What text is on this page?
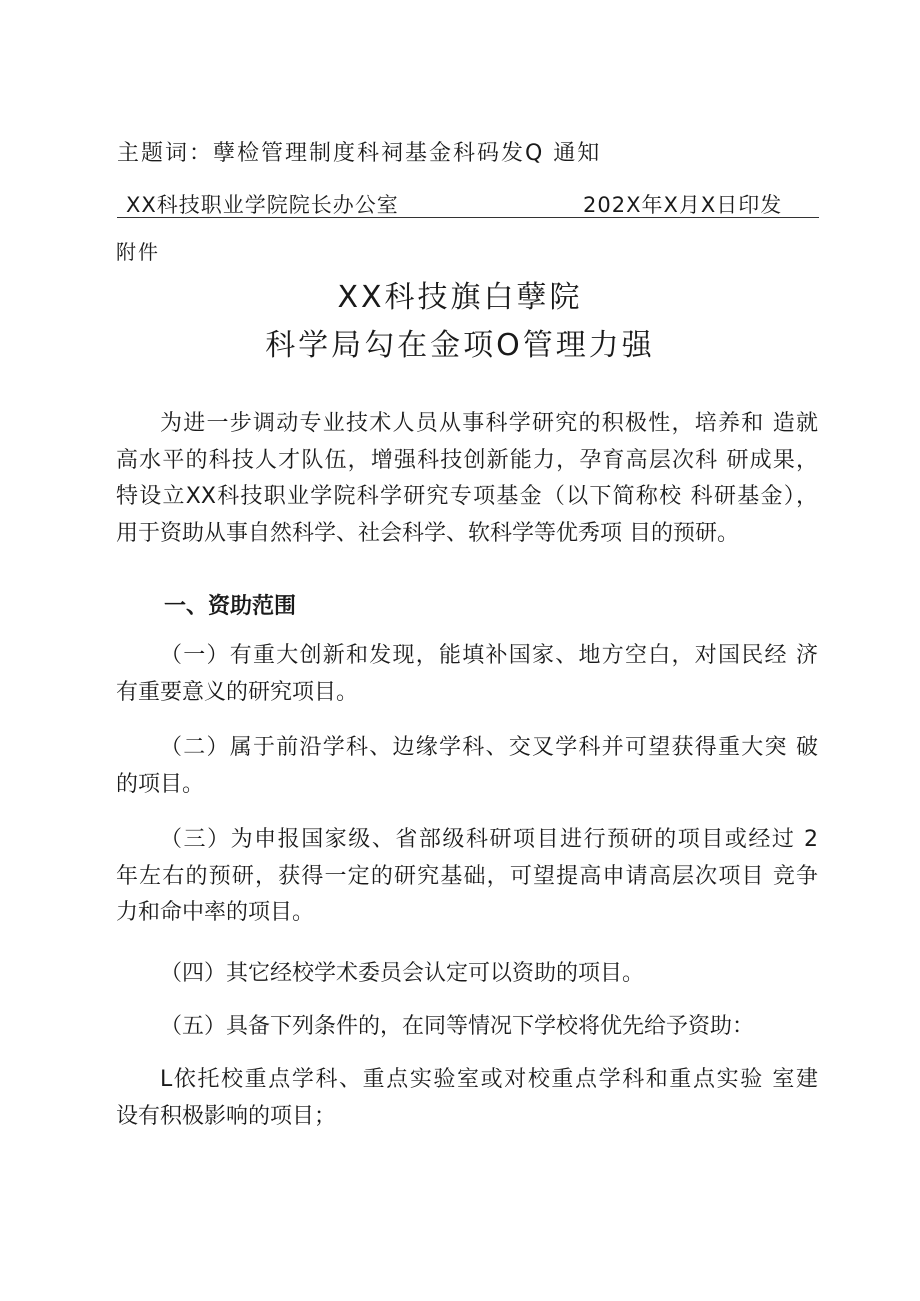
主题词：孽检管理制度科祠基金科码发Q 通知
XX科技职业学院院长办公室	202X年X月X日印发
附件
XX科技旗白孽院
科学局勾在金项O管理力强
为进一步调动专业技术人员从事科学研究的积极性，培养和 造就
高水平的科技人才队伍，增强科技创新能力，孕育高层次科 研成果，
特设立XX科技职业学院科学研究专项基金（以下简称校 科研基金），
用于资助从事自然科学、社会科学、软科学等优秀项 目的预研。
一、资助范围
（一）有重大创新和发现，能填补国家、地方空白，对国民经 济
有重要意义的研究项目。
（二）属于前沿学科、边缘学科、交叉学科并可望获得重大突 破
的项目。
（三）为申报国家级、省部级科研项目进行预研的项目或经过 2
年左右的预研，获得一定的研究基础，可望提高申请高层次项目 竞争
力和命中率的项目。
（四）其它经校学术委员会认定可以资助的项目。
（五）具备下列条件的，在同等情况下学校将优先给予资助：
L依托校重点学科、重点实验室或对校重点学科和重点实验 室建
设有积极影响的项目；
